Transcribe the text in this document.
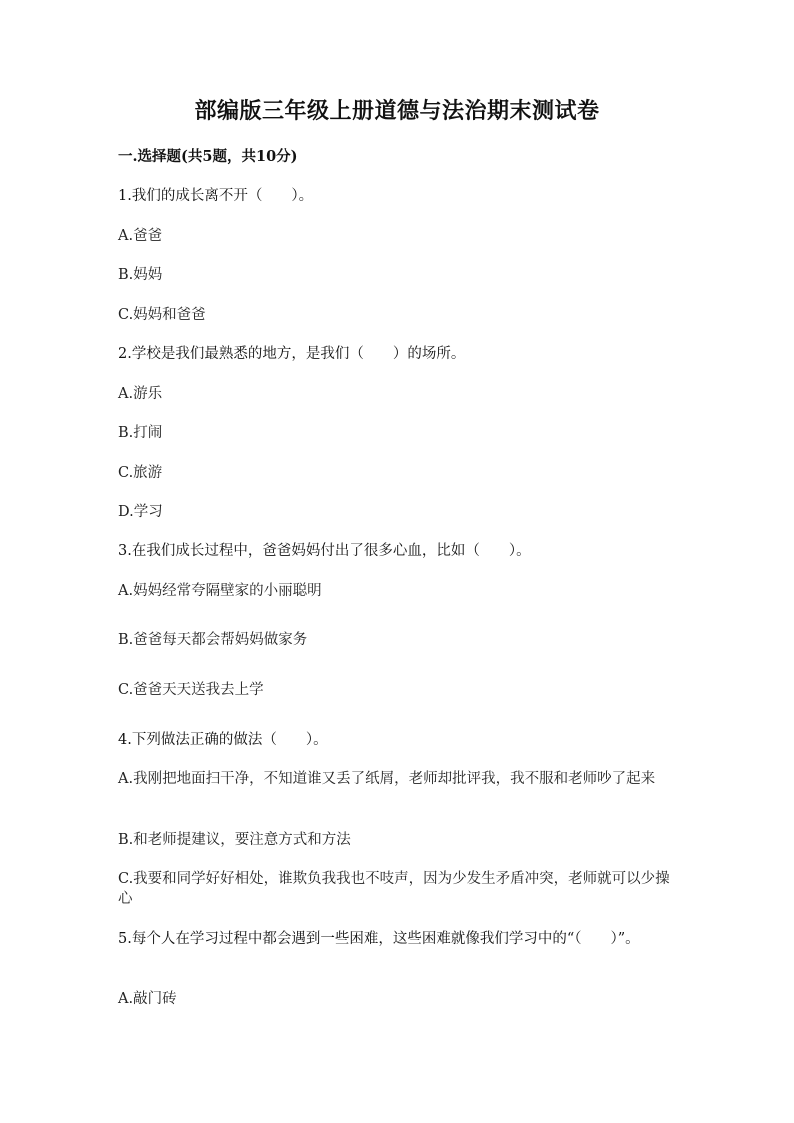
部编版三年级上册道德与法治期末测试卷
一.选择题(共5题，共10分)
1.我们的成长离不开（　　）。
A.爸爸
B.妈妈
C.妈妈和爸爸
2.学校是我们最熟悉的地方，是我们（　　）的场所。
A.游乐
B.打闹
C.旅游
D.学习
3.在我们成长过程中，爸爸妈妈付出了很多心血，比如（　　）。
A.妈妈经常夸隔壁家的小丽聪明
B.爸爸每天都会帮妈妈做家务
C.爸爸天天送我去上学
4.下列做法正确的做法（　　）。
A.我刚把地面扫干净，不知道谁又丢了纸屑，老师却批评我，我不服和老师吵了起来
B.和老师提建议，要注意方式和方法
C.我要和同学好好相处，谁欺负我我也不吱声，因为少发生矛盾冲突，老师就可以少操心
5.每个人在学习过程中都会遇到一些困难，这些困难就像我们学习中的“（　　）”。
A.敲门砖
